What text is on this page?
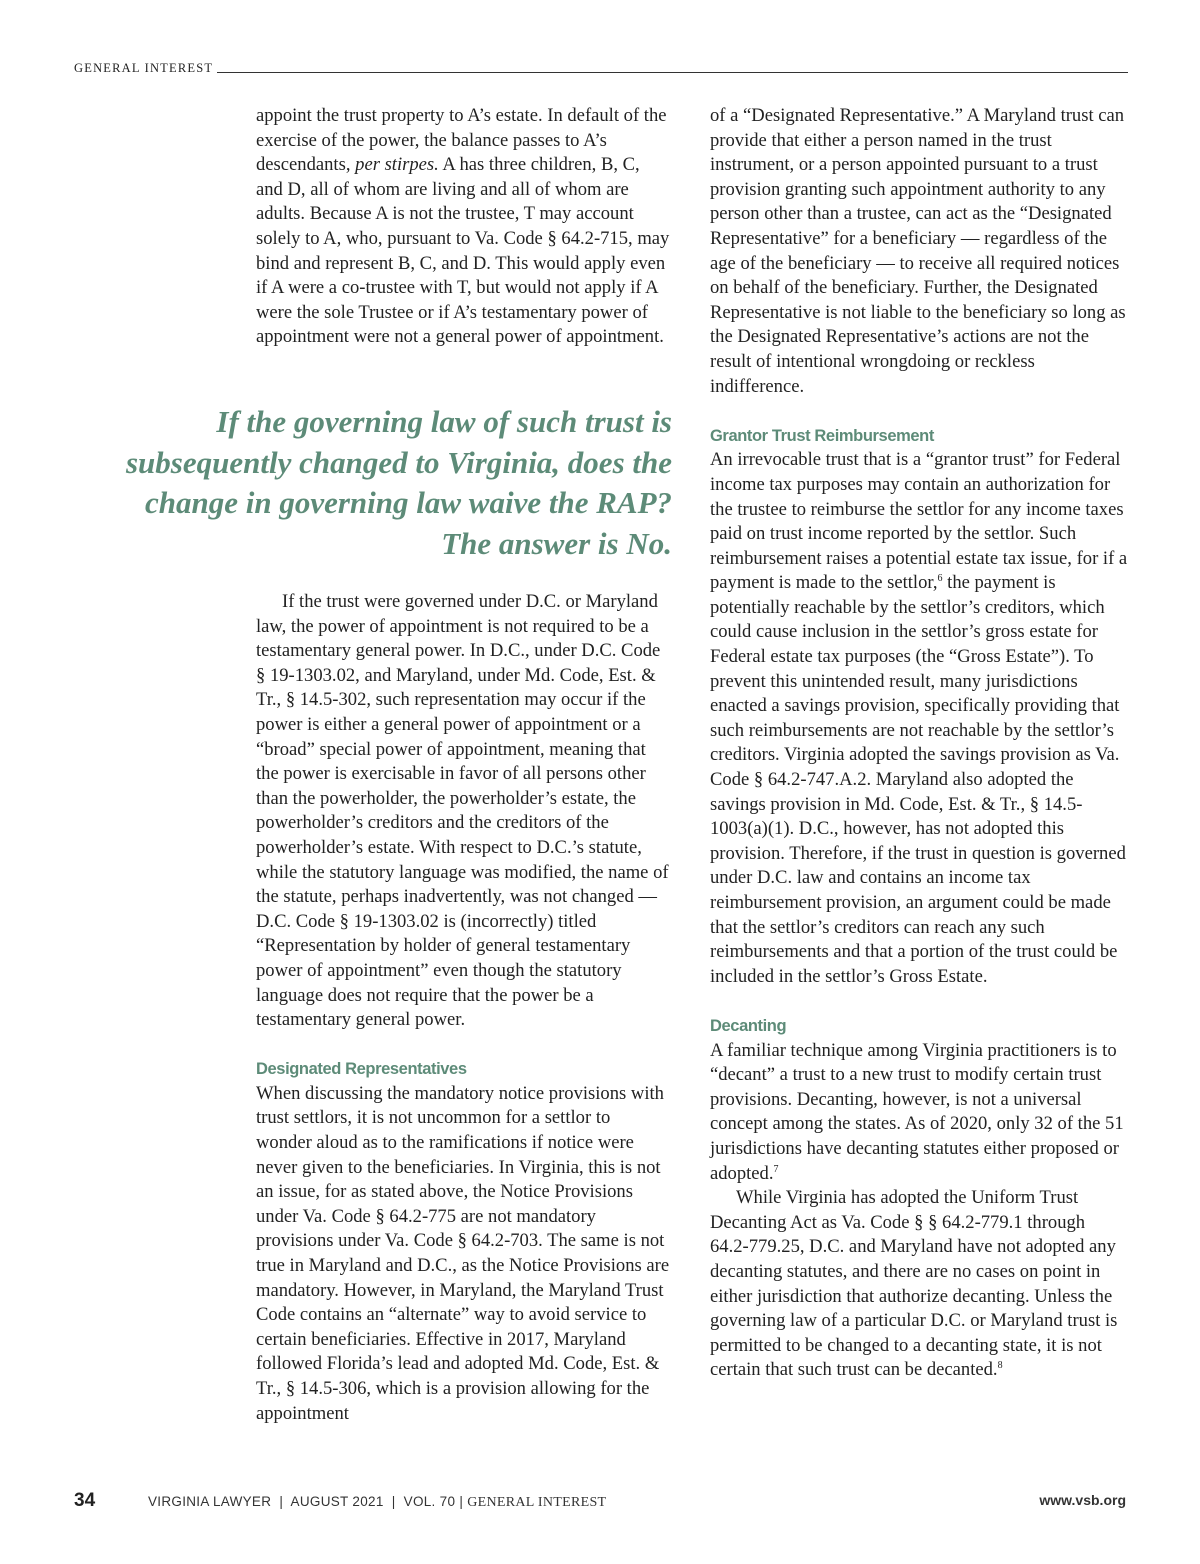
GENERAL INTEREST

appoint the trust property to A’s estate. In default of the exercise of the power, the balance passes to A’s descendants, per stirpes. A has three children, B, C, and D, all of whom are living and all of whom are adults. Because A is not the trustee, T may account solely to A, who, pursuant to Va. Code § 64.2-715, may bind and represent B, C, and D. This would apply even if A were a co-trustee with T, but would not apply if A were the sole Trustee or if A’s testamentary power of appointment were not a general power of appointment.

If the governing law of such trust is subsequently changed to Virginia, does the change in governing law waive the RAP? The answer is No.

If the trust were governed under D.C. or Maryland law, the power of appointment is not required to be a testamentary general power. In D.C., under D.C. Code § 19-1303.02, and Maryland, under Md. Code, Est. & Tr., § 14.5-302, such representation may occur if the power is either a general power of appointment or a “broad” special power of appointment, meaning that the power is exercisable in favor of all persons other than the powerholder, the powerholder’s estate, the powerholder’s creditors and the creditors of the powerholder’s estate. With respect to D.C.’s statute, while the statutory language was modified, the name of the statute, perhaps inadvertently, was not changed — D.C. Code § 19-1303.02 is (incorrectly) titled “Representation by holder of general testamentary power of appointment” even though the statutory language does not require that the power be a testamentary general power.

Designated Representatives

When discussing the mandatory notice provisions with trust settlors, it is not uncommon for a settlor to wonder aloud as to the ramifications if notice were never given to the beneficiaries. In Virginia, this is not an issue, for as stated above, the Notice Provisions under Va. Code § 64.2-775 are not mandatory provisions under Va. Code § 64.2-703. The same is not true in Maryland and D.C., as the Notice Provisions are mandatory. However, in Maryland, the Maryland Trust Code contains an “alternate” way to avoid service to certain beneficiaries. Effective in 2017, Maryland followed Florida’s lead and adopted Md. Code, Est. & Tr., § 14.5-306, which is a provision allowing for the appointment

of a “Designated Representative.” A Maryland trust can provide that either a person named in the trust instrument, or a person appointed pursuant to a trust provision granting such appointment authority to any person other than a trustee, can act as the “Designated Representative” for a beneficiary — regardless of the age of the beneficiary — to receive all required notices on behalf of the beneficiary. Further, the Designated Representative is not liable to the beneficiary so long as the Designated Representative’s actions are not the result of intentional wrongdoing or reckless indifference.

Grantor Trust Reimbursement

An irrevocable trust that is a “grantor trust” for Federal income tax purposes may contain an authorization for the trustee to reimburse the settlor for any income taxes paid on trust income reported by the settlor. Such reimbursement raises a potential estate tax issue, for if a payment is made to the settlor,$^6$ the payment is potentially reachable by the settlor’s creditors, which could cause inclusion in the settlor’s gross estate for Federal estate tax purposes (the “Gross Estate”). To prevent this unintended result, many jurisdictions enacted a savings provision, specifically providing that such reimbursements are not reachable by the settlor’s creditors. Virginia adopted the savings provision as Va. Code § 64.2-747.A.2. Maryland also adopted the savings provision in Md. Code, Est. & Tr., § 14.5-1003(a)(1). D.C., however, has not adopted this provision. Therefore, if the trust in question is governed under D.C. law and contains an income tax reimbursement provision, an argument could be made that the settlor’s creditors can reach any such reimbursements and that a portion of the trust could be included in the settlor’s Gross Estate.

Decanting

A familiar technique among Virginia practitioners is to “decant” a trust to a new trust to modify certain trust provisions. Decanting, however, is not a universal concept among the states. As of 2020, only 32 of the 51 jurisdictions have decanting statutes either proposed or adopted.$^7$

While Virginia has adopted the Uniform Trust Decanting Act as Va. Code § § 64.2-779.1 through 64.2-779.25, D.C. and Maryland have not adopted any decanting statutes, and there are no cases on point in either jurisdiction that authorize decanting. Unless the governing law of a particular D.C. or Maryland trust is permitted to be changed to a decanting state, it is not certain that such trust can be decanted.$^8$

34	VIRGINIA LAWYER  |  AUGUST 2021  |  VOL. 70 | GENERAL INTEREST	www.vsb.org
